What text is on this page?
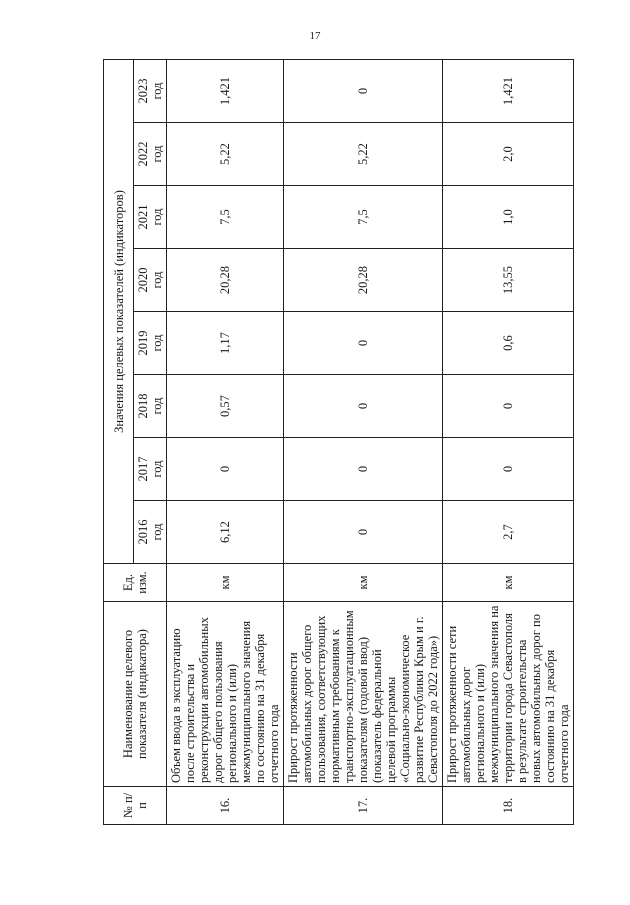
17
№ п/п	Наименование целевого показателя (индикатора)	Ед. изм.	Значения целевых показателей (индикаторов)							

			2016 год	2017 год	2018 год	2019 год	2020 год	2021 год	2022 год	2023 год

16.	Объем ввода в эксплуатацию после строительства и реконструкции автомобильных дорог общего пользования регионального и (или) межмуниципального значения по состоянию на 31 декабря отчетного года	км	6,12	0	0,57	1,17	20,28	7,5	5,22	1,421
17.	Прирост протяженности автомобильных дорог общего пользования, соответствующих нормативным требованиям к транспортно-эксплуатационным показателям (годовой ввод) (показатель федеральной целевой программы «Социально-экономическое развитие Республики Крым и г. Севастополя до 2022 года»)	км	0	0	0	0	20,28	7,5	5,22	0
18.	Прирост протяженности сети автомобильных дорог регионального и (или) межмуниципального значения на территории города Севастополя в результате строительства новых автомобильных дорог по состоянию на 31 декабря отчетного года	км	2,7	0	0	0,6	13,55	1,0	2,0	1,421
